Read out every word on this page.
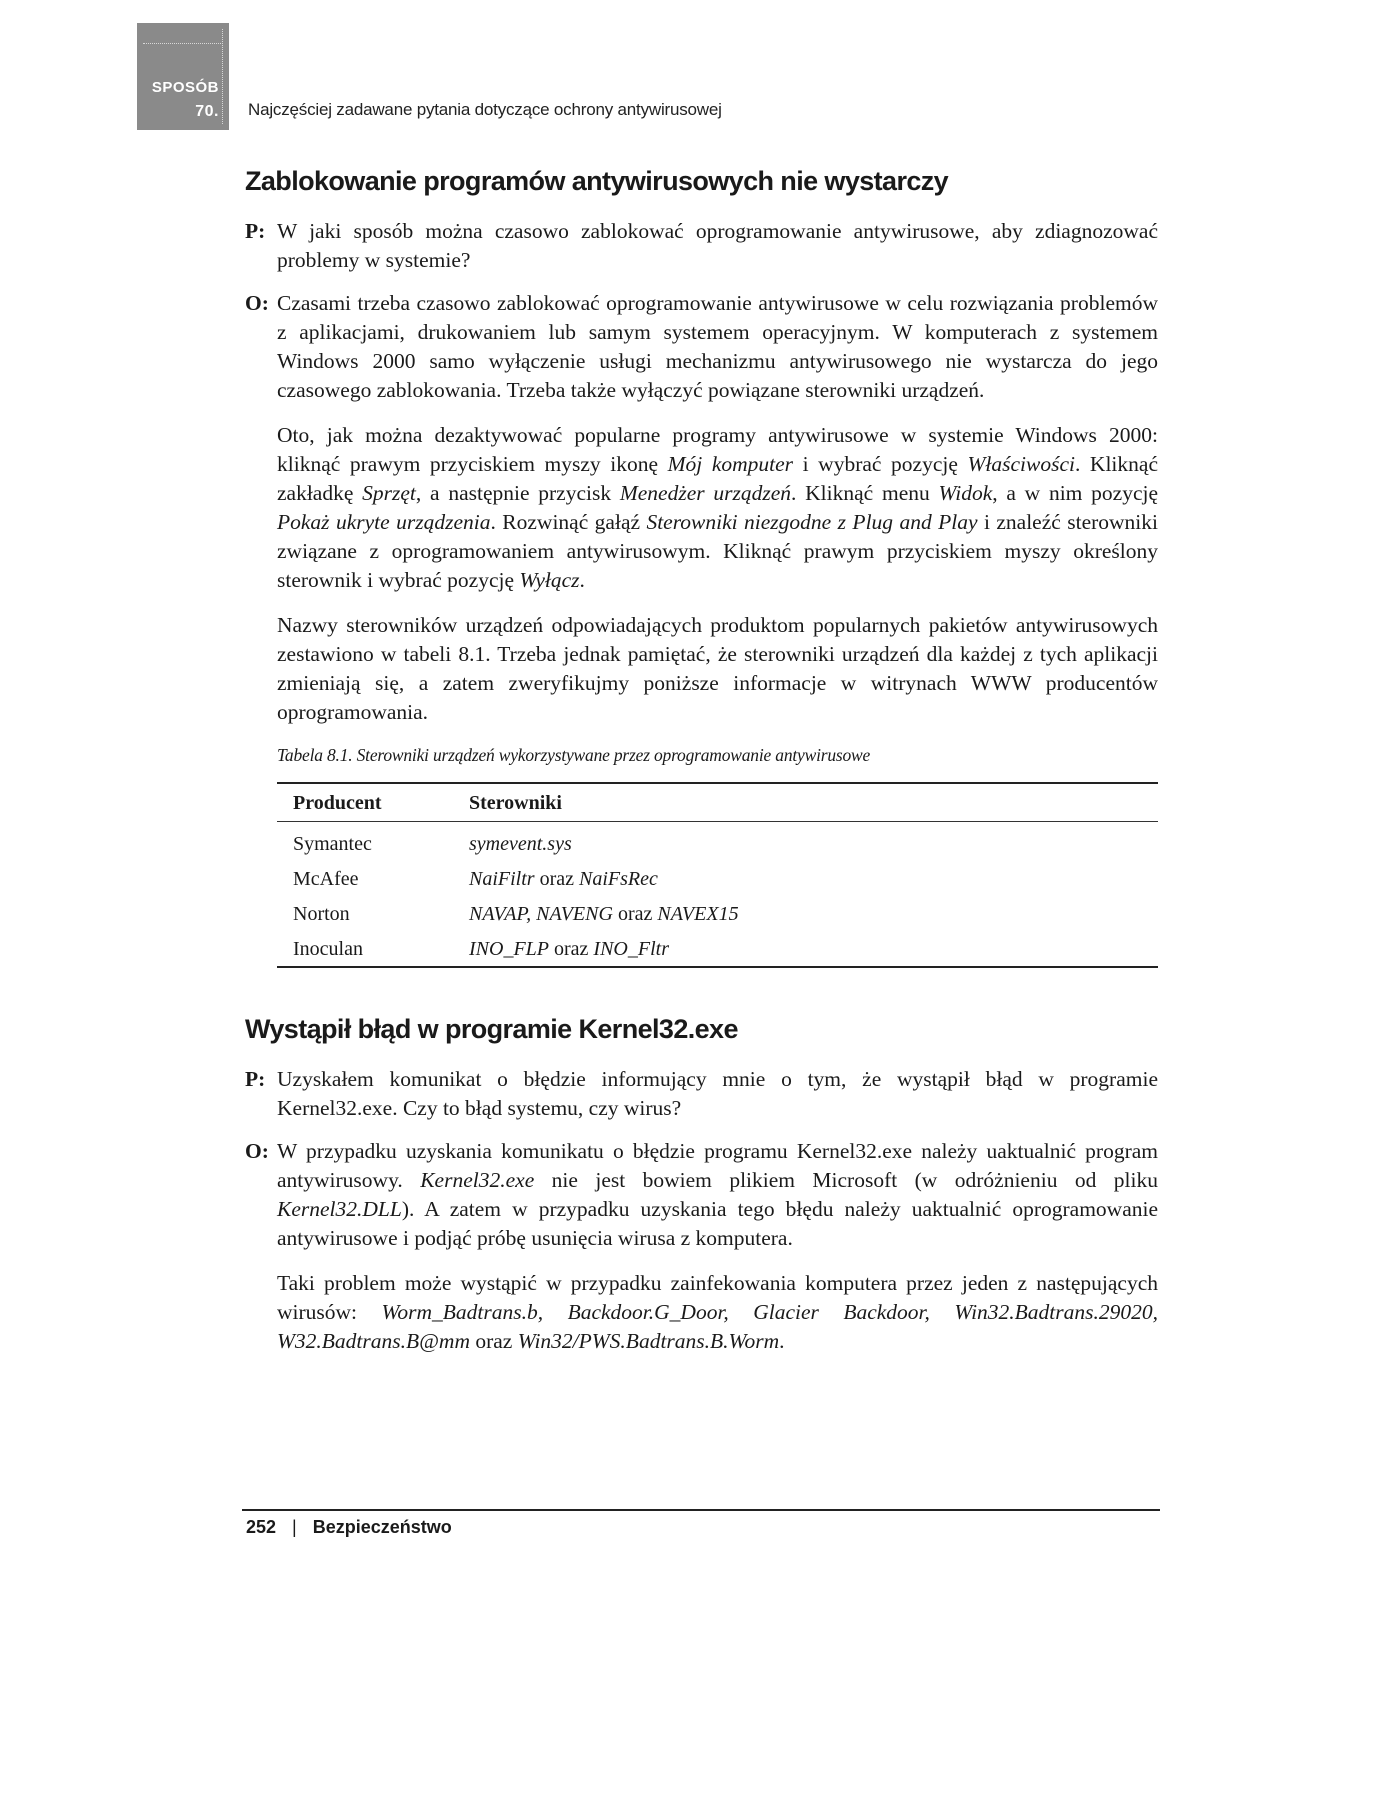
SPOSÓB
70. Najczęściej zadawane pytania dotyczące ochrony antywirusowej
Zablokowanie programów antywirusowych nie wystarczy

P: W jaki sposób można czasowo zablokować oprogramowanie antywirusowe, aby zdiagnozować problemy w systemie?

O: Czasami trzeba czasowo zablokować oprogramowanie antywirusowe w celu rozwiązania problemów z aplikacjami, drukowaniem lub samym systemem operacyjnym. W komputerach z systemem Windows 2000 samo wyłączenie usługi mechanizmu antywirusowego nie wystarcza do jego czasowego zablokowania. Trzeba także wyłączyć powiązane sterowniki urządzeń.

Oto, jak można dezaktywować popularne programy antywirusowe w systemie Windows 2000: kliknąć prawym przyciskiem myszy ikonę Mój komputer i wybrać pozycję Właściwości. Kliknąć zakładkę Sprzęt, a następnie przycisk Menedżer urządzeń. Kliknąć menu Widok, a w nim pozycję Pokaż ukryte urządzenia. Rozwinąć gałąź Sterowniki niezgodne z Plug and Play i znaleźć sterowniki związane z oprogramowaniem antywirusowym. Kliknąć prawym przyciskiem myszy określony sterownik i wybrać pozycję Wyłącz.

Nazwy sterowników urządzeń odpowiadających produktom popularnych pakietów antywirusowych zestawiono w tabeli 8.1. Trzeba jednak pamiętać, że sterowniki urządzeń dla każdej z tych aplikacji zmieniają się, a zatem zweryfikujmy poniższe informacje w witrynach WWW producentów oprogramowania.

Tabela 8.1. Sterowniki urządzeń wykorzystywane przez oprogramowanie antywirusowe
Producent	Sterowniki
Symantec	symevent.sys
McAfee	NaiFiltr oraz NaiFsRec
Norton	NAVAP, NAVENG oraz NAVEX15
Inoculan	INO_FLP oraz INO_Fltr
Wystąpił błąd w programie Kernel32.exe

P: Uzyskałem komunikat o błędzie informujący mnie o tym, że wystąpił błąd w programie Kernel32.exe. Czy to błąd systemu, czy wirus?

O: W przypadku uzyskania komunikatu o błędzie programu Kernel32.exe należy uaktualnić program antywirusowy. Kernel32.exe nie jest bowiem plikiem Microsoft (w odróżnieniu od pliku Kernel32.DLL). A zatem w przypadku uzyskania tego błędu należy uaktualnić oprogramowanie antywirusowe i podjąć próbę usunięcia wirusa z komputera.

Taki problem może wystąpić w przypadku zainfekowania komputera przez jeden z następujących wirusów: Worm_Badtrans.b, Backdoor.G_Door, Glacier Backdoor, Win32.Badtrans.29020, W32.Badtrans.B@mm oraz Win32/PWS.Badtrans.B.Worm.

252 | Bezpieczeństwo
